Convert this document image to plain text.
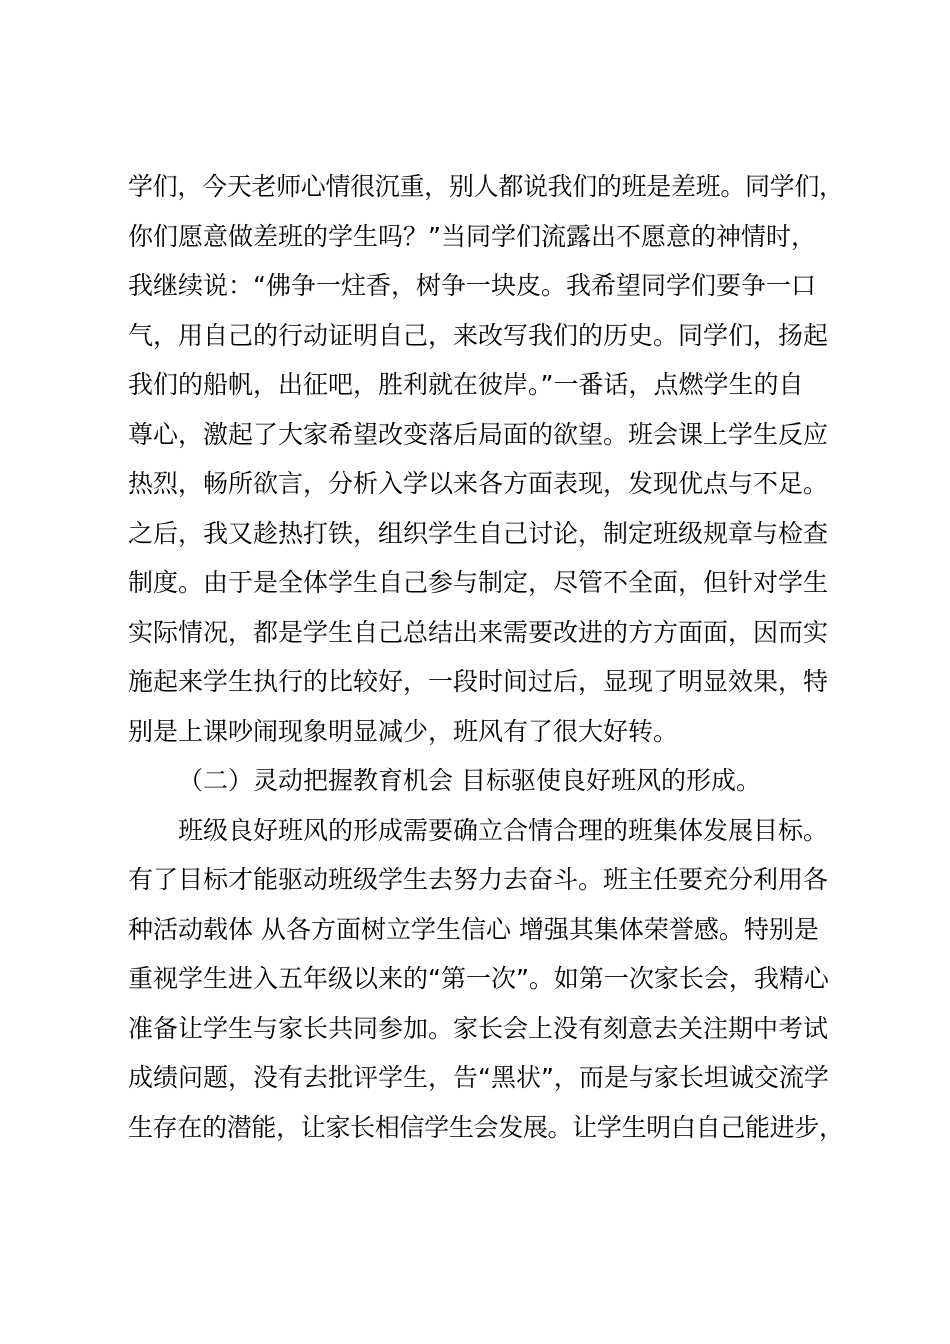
学们，今天老师心情很沉重，别人都说我们的班是差班。同学们，
你们愿意做差班的学生吗？”当同学们流露出不愿意的神情时，
我继续说：“佛争一炷香，树争一块皮。我希望同学们要争一口
气，用自己的行动证明自己，来改写我们的历史。同学们，扬起
我们的船帆，出征吧，胜利就在彼岸。”一番话，点燃学生的自
尊心，激起了大家希望改变落后局面的欲望。班会课上学生反应
热烈，畅所欲言，分析入学以来各方面表现，发现优点与不足。
之后，我又趁热打铁，组织学生自己讨论，制定班级规章与检查
制度。由于是全体学生自己参与制定，尽管不全面，但针对学生
实际情况，都是学生自己总结出来需要改进的方方面面，因而实
施起来学生执行的比较好，一段时间过后，显现了明显效果，特
别是上课吵闹现象明显减少，班风有了很大好转。
（二）灵动把握教育机会 目标驱使良好班风的形成。
班级良好班风的形成需要确立合情合理的班集体发展目标。
有了目标才能驱动班级学生去努力去奋斗。班主任要充分利用各
种活动载体 从各方面树立学生信心 增强其集体荣誉感。特别是
重视学生进入五年级以来的“第一次”。如第一次家长会，我精心
准备让学生与家长共同参加。家长会上没有刻意去关注期中考试
成绩问题，没有去批评学生，告“黑状”，而是与家长坦诚交流学
生存在的潜能，让家长相信学生会发展。让学生明白自己能进步，
